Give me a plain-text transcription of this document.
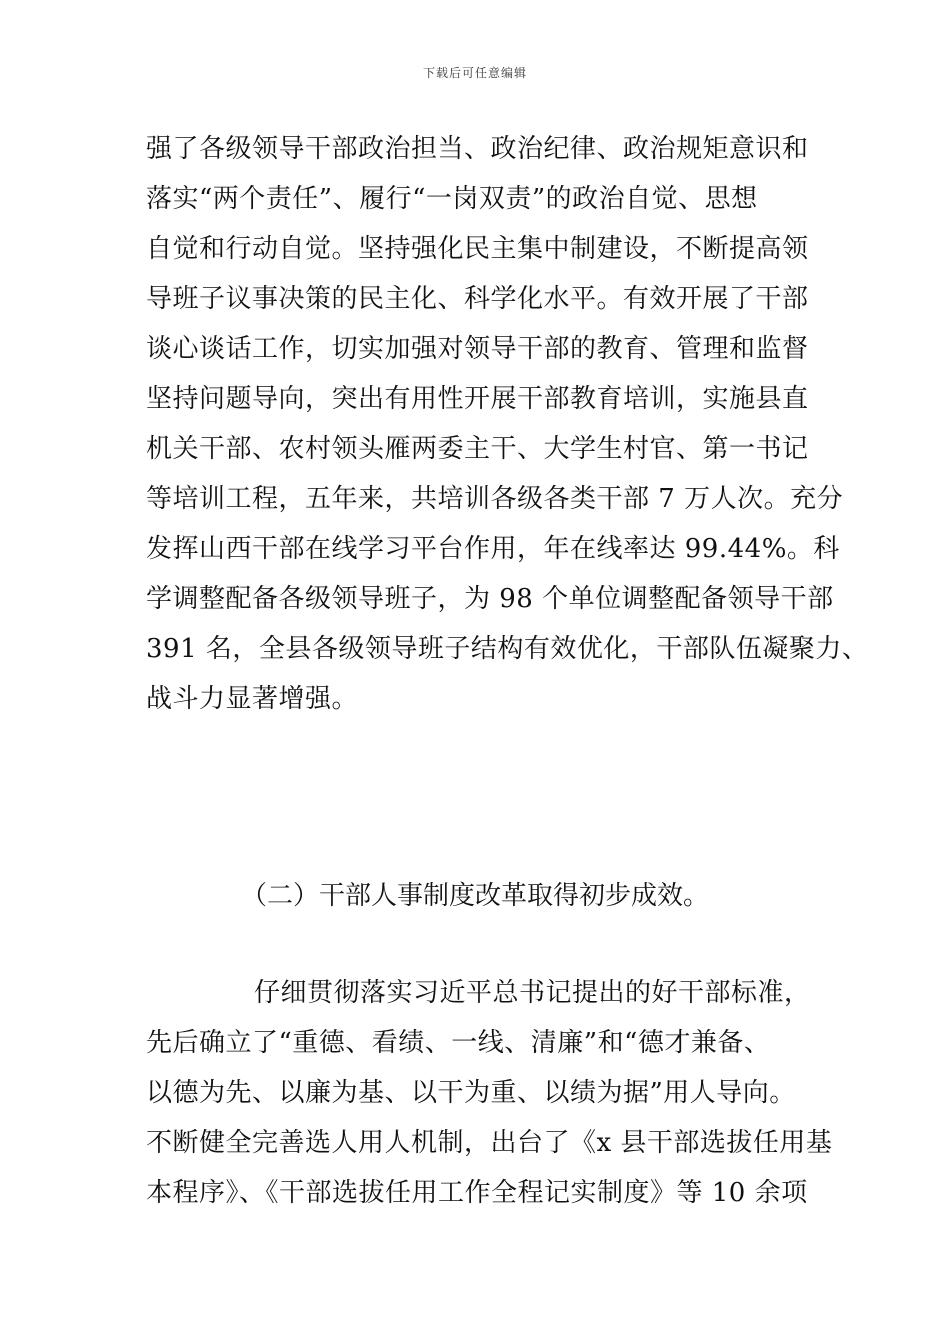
下载后可任意编辑
强了各级领导干部政治担当、政治纪律、政治规矩意识和
落实“两个责任”、履行“一岗双责”的政治自觉、思想
自觉和行动自觉。坚持强化民主集中制建设，不断提高领
导班子议事决策的民主化、科学化水平。有效开展了干部
谈心谈话工作，切实加强对领导干部的教育、管理和监督
坚持问题导向，突出有用性开展干部教育培训，实施县直
机关干部、农村领头雁两委主干、大学生村官、第一书记
等培训工程，五年来，共培训各级各类干部 7 万人次。充分
发挥山西干部在线学习平台作用，年在线率达 99.44%。科
学调整配备各级领导班子，为 98 个单位调整配备领导干部
391 名，全县各级领导班子结构有效优化，干部队伍凝聚力、
战斗力显著增强。
（二）干部人事制度改革取得初步成效。
仔细贯彻落实习近平总书记提出的好干部标准，
先后确立了“重德、看绩、一线、清廉”和“德才兼备、
以德为先、以廉为基、以干为重、以绩为据”用人导向。
不断健全完善选人用人机制，出台了《x 县干部选拔任用基
本程序》、《干部选拔任用工作全程记实制度》等 10 余项
